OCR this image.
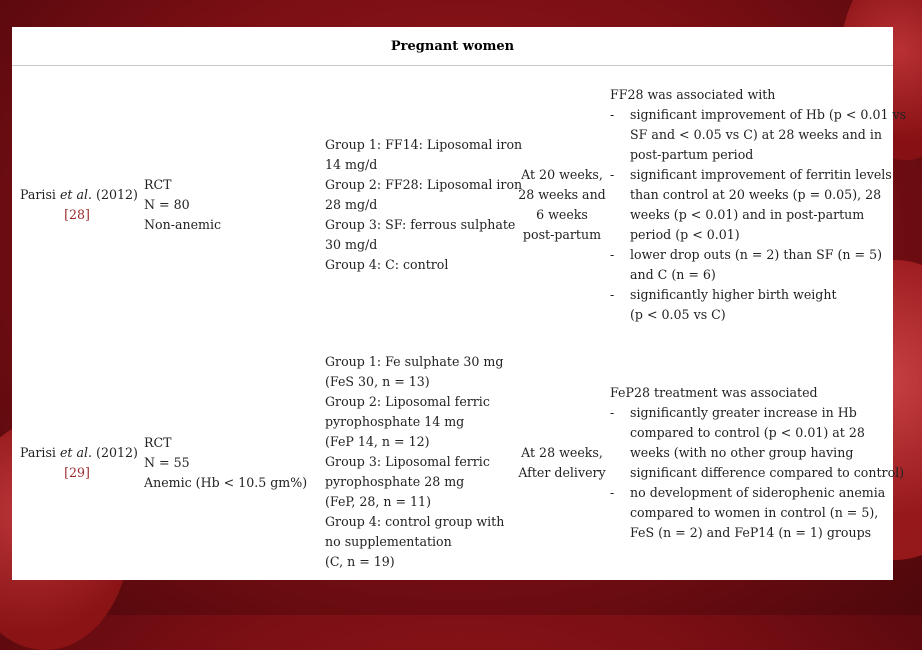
Pregnant women
Parisi et al. (2012)
[28]
RCT
N = 80
Non-anemic
Group 1: FF14: Liposomal iron
14 mg/d
Group 2: FF28: Liposomal iron
28 mg/d
Group 3: SF: ferrous sulphate
30 mg/d
Group 4: C: control
At 20 weeks,
28 weeks and
6 weeks
post-partum
FF28 was associated with
- significant improvement of Hb (p < 0.01 vs
SF and < 0.05 vs C) at 28 weeks and in
post-partum period
- significant improvement of ferritin levels
than control at 20 weeks (p = 0.05), 28
weeks (p < 0.01) and in post-partum
period (p < 0.01)
- lower drop outs (n = 2) than SF (n = 5)
and C (n = 6)
- significantly higher birth weight
(p < 0.05 vs C)
Parisi et al. (2012)
[29]
RCT
N = 55
Anemic (Hb < 10.5 gm%)
Group 1: Fe sulphate 30 mg
(FeS 30, n = 13)
Group 2: Liposomal ferric
pyrophosphate 14 mg
(FeP 14, n = 12)
Group 3: Liposomal ferric
pyrophosphate 28 mg
(FeP, 28, n = 11)
Group 4: control group with
no supplementation
(C, n = 19)
At 28 weeks,
After delivery
FeP28 treatment was associated
- significantly greater increase in Hb
compared to control (p < 0.01) at 28
weeks (with no other group having
significant difference compared to control)
- no development of siderophenic anemia
compared to women in control (n = 5),
FeS (n = 2) and FeP14 (n = 1) groups
